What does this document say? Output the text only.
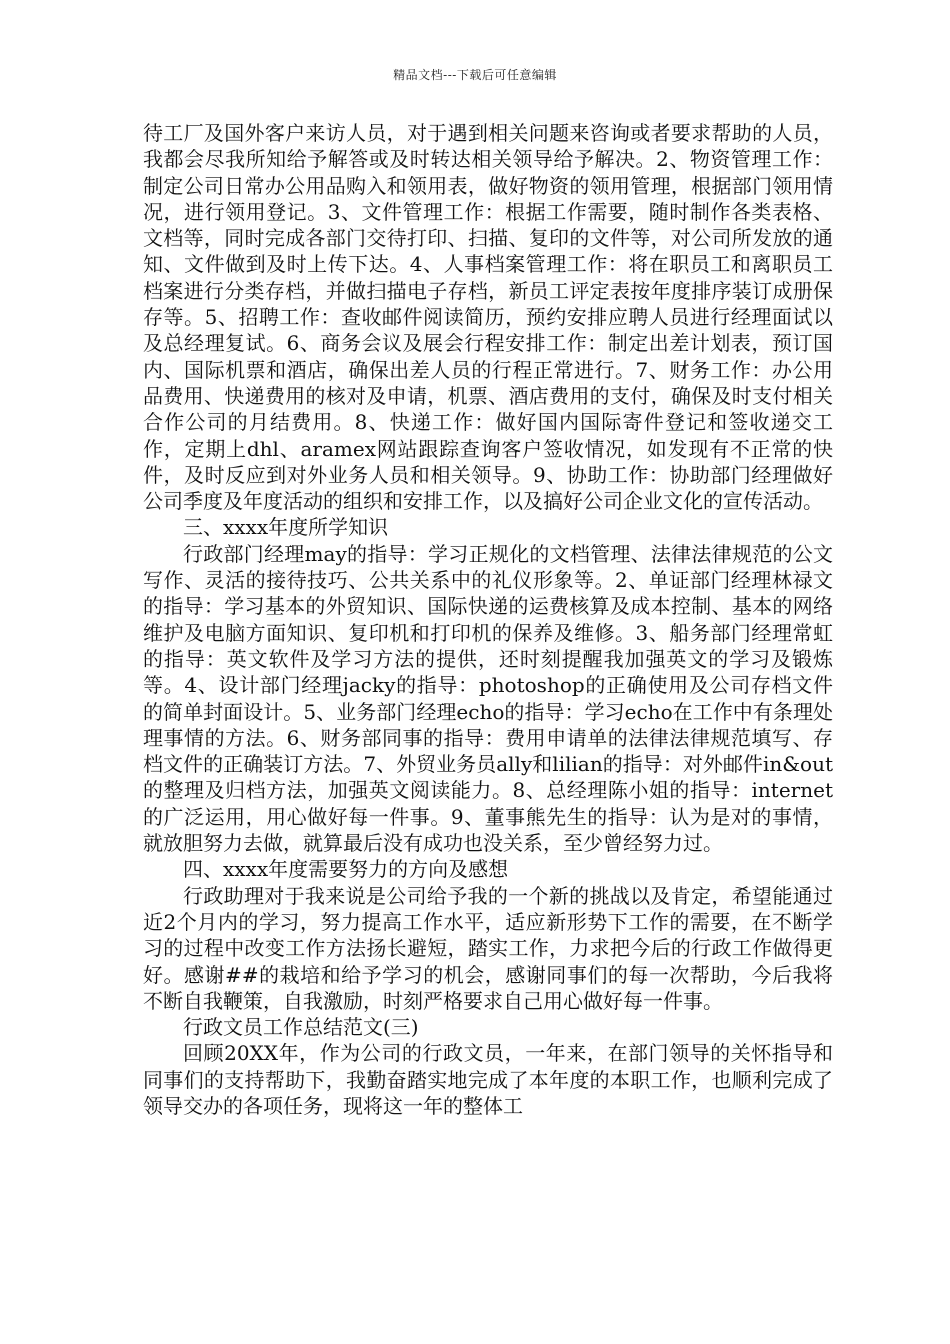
精品文档---下载后可任意编辑

待工厂及国外客户来访人员，对于遇到相关问题来咨询或者要求帮助的人员，我都会尽我所知给予解答或及时转达相关领导给予解决。2、物资管理工作：制定公司日常办公用品购入和领用表，做好物资的领用管理，根据部门领用情况，进行领用登记。3、文件管理工作：根据工作需要，随时制作各类表格、文档等，同时完成各部门交待打印、扫描、复印的文件等，对公司所发放的通知、文件做到及时上传下达。4、人事档案管理工作：将在职员工和离职员工档案进行分类存档，并做扫描电子存档，新员工评定表按年度排序装订成册保存等。5、招聘工作：查收邮件阅读简历，预约安排应聘人员进行经理面试以及总经理复试。6、商务会议及展会行程安排工作：制定出差计划表，预订国内、国际机票和酒店，确保出差人员的行程正常进行。7、财务工作：办公用品费用、快递费用的核对及申请，机票、酒店费用的支付，确保及时支付相关合作公司的月结费用。8、快递工作：做好国内国际寄件登记和签收递交工作，定期上dhl、aramex网站跟踪查询客户签收情况，如发现有不正常的快件，及时反应到对外业务人员和相关领导。9、协助工作：协助部门经理做好公司季度及年度活动的组织和安排工作，以及搞好公司企业文化的宣传活动。

三、xxxx年度所学知识

行政部门经理may的指导：学习正规化的文档管理、法律法律规范的公文写作、灵活的接待技巧、公共关系中的礼仪形象等。2、单证部门经理林禄文的指导：学习基本的外贸知识、国际快递的运费核算及成本控制、基本的网络维护及电脑方面知识、复印机和打印机的保养及维修。3、船务部门经理常虹的指导：英文软件及学习方法的提供，还时刻提醒我加强英文的学习及锻炼等。4、设计部门经理jacky的指导：photoshop的正确使用及公司存档文件的简单封面设计。5、业务部门经理echo的指导：学习echo在工作中有条理处理事情的方法。6、财务部同事的指导：费用申请单的法律法律规范填写、存档文件的正确装订方法。7、外贸业务员ally和lilian的指导：对外邮件in&out的整理及归档方法，加强英文阅读能力。8、总经理陈小姐的指导：internet的广泛运用，用心做好每一件事。9、董事熊先生的指导：认为是对的事情，就放胆努力去做，就算最后没有成功也没关系，至少曾经努力过。

四、xxxx年度需要努力的方向及感想

行政助理对于我来说是公司给予我的一个新的挑战以及肯定，希望能通过近2个月内的学习，努力提高工作水平，适应新形势下工作的需要，在不断学习的过程中改变工作方法扬长避短，踏实工作，力求把今后的行政工作做得更好。感谢##的栽培和给予学习的机会，感谢同事们的每一次帮助，今后我将不断自我鞭策，自我激励，时刻严格要求自己用心做好每一件事。

行政文员工作总结范文(三)

回顾20XX年，作为公司的行政文员，一年来，在部门领导的关怀指导和同事们的支持帮助下，我勤奋踏实地完成了本年度的本职工作，也顺利完成了领导交办的各项任务，现将这一年的整体工
